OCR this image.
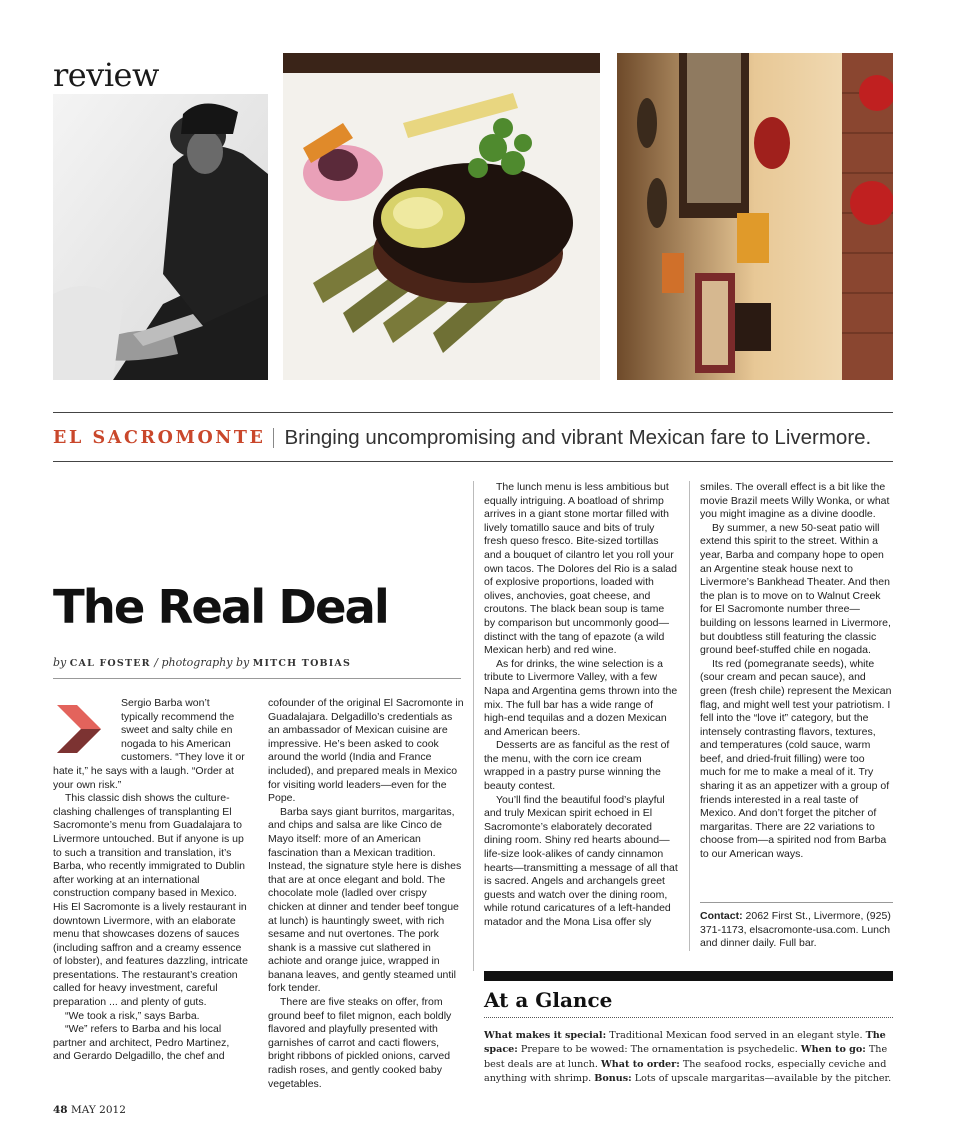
review
EL SACROMONTE Bringing uncompromising and vibrant Mexican fare to Livermore.
The Real Deal
by CAL FOSTER / photography by MITCH TOBIAS

Sergio Barba won’t typically recommend the sweet and salty chile en nogada to his American customers. “They love it or hate it,” he says with a laugh. “Order at your own risk.”

This classic dish shows the culture-clashing challenges of transplanting El Sacromonte’s menu from Guadalajara to Livermore untouched. But if anyone is up to such a transition and translation, it’s Barba, who recently immigrated to Dublin after working at an international construction company based in Mexico. His El Sacromonte is a lively restaurant in downtown Livermore, with an elaborate menu that showcases dozens of sauces (including saffron and a creamy essence of lobster), and features dazzling, intricate presentations. The restaurant’s creation called for heavy investment, careful preparation ... and plenty of guts.

“We took a risk,” says Barba.

“We” refers to Barba and his local partner and architect, Pedro Martinez, and Gerardo Delgadillo, the chef and

cofounder of the original El Sacromonte in Guadalajara. Delgadillo’s credentials as an ambassador of Mexican cuisine are impressive. He’s been asked to cook around the world (India and France included), and prepared meals in Mexico for visiting world leaders—even for the Pope.

Barba says giant burritos, margaritas, and chips and salsa are like Cinco de Mayo itself: more of an American fascination than a Mexican tradition. Instead, the signature style here is dishes that are at once elegant and bold. The chocolate mole (ladled over crispy chicken at dinner and tender beef tongue at lunch) is hauntingly sweet, with rich sesame and nut overtones. The pork shank is a massive cut slathered in achiote and orange juice, wrapped in banana leaves, and gently steamed until fork tender.

There are five steaks on offer, from ground beef to filet mignon, each boldly flavored and playfully presented with garnishes of carrot and cacti flowers, bright ribbons of pickled onions, carved radish roses, and gently cooked baby vegetables.

The lunch menu is less ambitious but equally intriguing. A boatload of shrimp arrives in a giant stone mortar filled with lively tomatillo sauce and bits of truly fresh queso fresco. Bite-sized tortillas and a bouquet of cilantro let you roll your own tacos. The Dolores del Rio is a salad of explosive proportions, loaded with olives, anchovies, goat cheese, and croutons. The black bean soup is tame by comparison but uncommonly good—distinct with the tang of epazote (a wild Mexican herb) and red wine.

As for drinks, the wine selection is a tribute to Livermore Valley, with a few Napa and Argentina gems thrown into the mix. The full bar has a wide range of high-end tequilas and a dozen Mexican and American beers.

Desserts are as fanciful as the rest of the menu, with the corn ice cream wrapped in a pastry purse winning the beauty contest.

You’ll find the beautiful food’s playful and truly Mexican spirit echoed in El Sacromonte’s elaborately decorated dining room. Shiny red hearts abound—life-size look-alikes of candy cinnamon hearts—transmitting a message of all that is sacred. Angels and archangels greet guests and watch over the dining room, while rotund caricatures of a left-handed matador and the Mona Lisa offer sly

smiles. The overall effect is a bit like the movie Brazil meets Willy Wonka, or what you might imagine as a divine doodle.

By summer, a new 50-seat patio will extend this spirit to the street. Within a year, Barba and company hope to open an Argentine steak house next to Livermore’s Bankhead Theater. And then the plan is to move on to Walnut Creek for El Sacromonte number three—building on lessons learned in Livermore, but doubtless still featuring the classic ground beef-stuffed chile en nogada.

Its red (pomegranate seeds), white (sour cream and pecan sauce), and green (fresh chile) represent the Mexican flag, and might well test your patriotism. I fell into the “love it” category, but the intensely contrasting flavors, textures, and temperatures (cold sauce, warm beef, and dried-fruit filling) were too much for me to make a meal of it. Try sharing it as an appetizer with a group of friends interested in a real taste of Mexico. And don’t forget the pitcher of margaritas. There are 22 variations to choose from—a spirited nod from Barba to our American ways.

Contact: 2062 First St., Livermore, (925) 371-1173, elsacromonte-usa.com. Lunch and dinner daily. Full bar.
At a Glance
What makes it special: Traditional Mexican food served in an elegant style. The space: Prepare to be wowed: The ornamentation is psychedelic. When to go: The best deals are at lunch. What to order: The seafood rocks, especially ceviche and anything with shrimp. Bonus: Lots of upscale margaritas—available by the pitcher.
48 MAY 2012
